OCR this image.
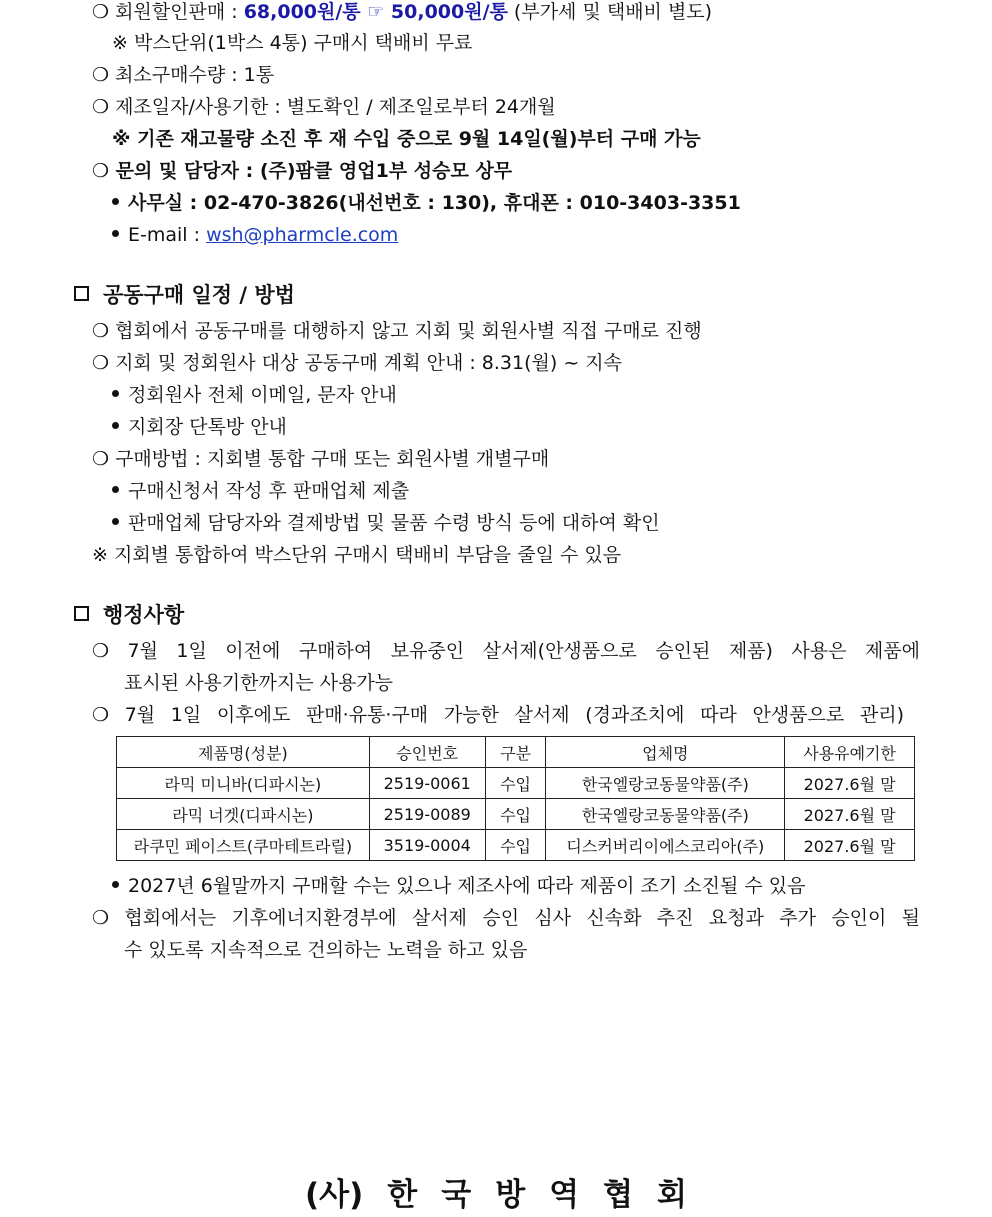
❍ 회원할인판매 : 68,000원/통 ☞ 50,000원/통 (부가세 및 택배비 별도)
※ 박스단위(1박스 4통) 구매시 택배비 무료
❍ 최소구매수량 : 1통
❍ 제조일자/사용기한 : 별도확인 / 제조일로부터 24개월
※ 기존 재고물량 소진 후 재 수입 중으로 9월 14일(월)부터 구매 가능
❍ 문의 및 담당자 : (주)팜클 영업1부 성승모 상무
사무실 : 02-470-3826(내선번호 : 130), 휴대폰 : 010-3403-3351
E-mail : wsh@pharmcle.com
공동구매 일정 / 방법
❍ 협회에서 공동구매를 대행하지 않고 지회 및 회원사별 직접 구매로 진행
❍ 지회 및 정회원사 대상 공동구매 계획 안내 : 8.31(월) ~ 지속
정회원사 전체 이메일, 문자 안내
지회장 단톡방 안내
❍ 구매방법 : 지회별 통합 구매 또는 회원사별 개별구매
구매신청서 작성 후 판매업체 제출
판매업체 담당자와 결제방법 및 물품 수령 방식 등에 대하여 확인
※ 지회별 통합하여 박스단위 구매시 택배비 부담을 줄일 수 있음
행정사항
❍ 7월 1일 이전에 구매하여 보유중인 살서제(안생품으로 승인된 제품) 사용은 제품에
표시된 사용기한까지는 사용가능
❍ 7월 1일 이후에도 판매·유통·구매 가능한 살서제 (경과조치에 따라 안생품으로 관리)
제품명(성분)	승인번호	구분	업체명	사용유예기한
라믹 미니바(디파시논)	2519-0061	수입	한국엘랑코동물약품(주)	2027.6월 말
라믹 너겟(디파시논)	2519-0089	수입	한국엘랑코동물약품(주)	2027.6월 말
라쿠민 페이스트(쿠마테트라릴)	3519-0004	수입	디스커버리이에스코리아(주)	2027.6월 말
2027년 6월말까지 구매할 수는 있으나 제조사에 따라 제품이 조기 소진될 수 있음
❍ 협회에서는 기후에너지환경부에 살서제 승인 심사 신속화 추진 요청과 추가 승인이 될
수 있도록 지속적으로 건의하는 노력을 하고 있음
(사) 한 국 방 역 협 회
